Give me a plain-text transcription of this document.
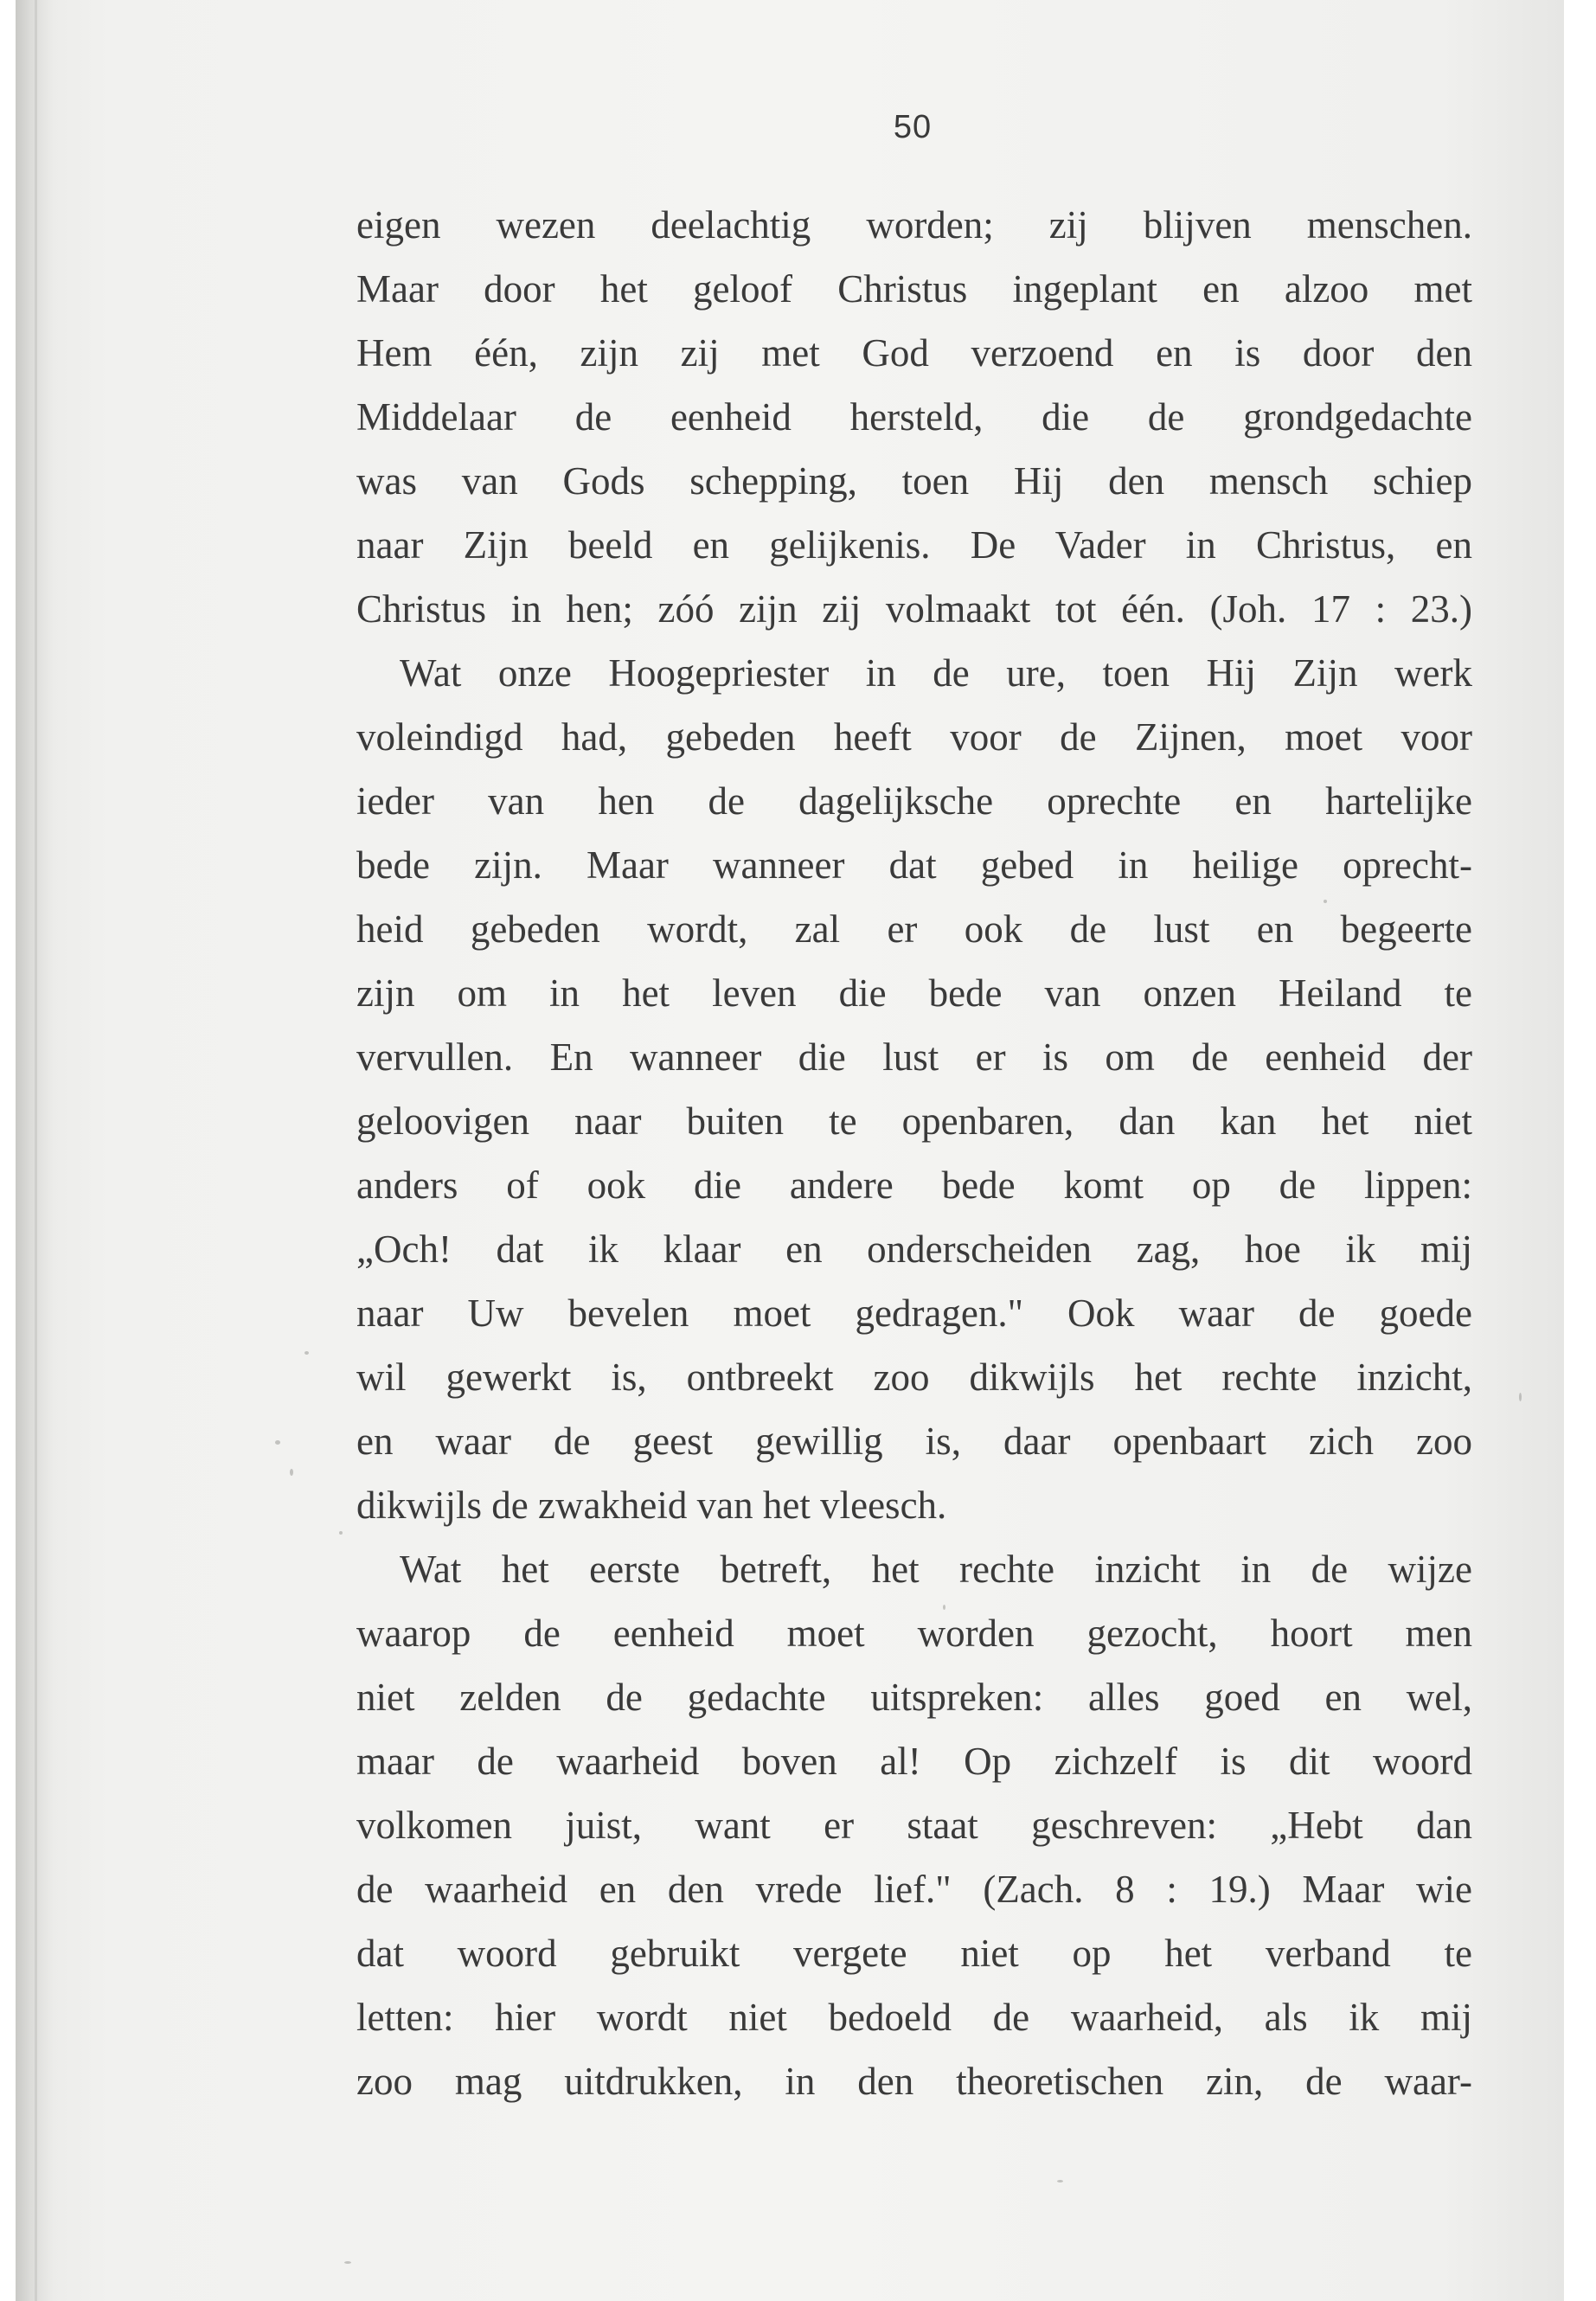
50
eigen wezen deelachtig worden; zij blijven menschen.
Maar door het geloof Christus ingeplant en alzoo met
Hem één, zijn zij met God verzoend en is door den
Middelaar de eenheid hersteld, die de grondgedachte
was van Gods schepping, toen Hij den mensch schiep
naar Zijn beeld en gelijkenis. De Vader in Christus, en
Christus in hen; zóó zijn zij volmaakt tot één. (Joh. 17 : 23.)
Wat onze Hoogepriester in de ure, toen Hij Zijn werk
voleindigd had, gebeden heeft voor de Zijnen, moet voor
ieder van hen de dagelijksche oprechte en hartelijke
bede zijn. Maar wanneer dat gebed in heilige oprecht-
heid gebeden wordt, zal er ook de lust en begeerte
zijn om in het leven die bede van onzen Heiland te
vervullen. En wanneer die lust er is om de eenheid der
geloovigen naar buiten te openbaren, dan kan het niet
anders of ook die andere bede komt op de lippen:
„Och! dat ik klaar en onderscheiden zag, hoe ik mij
naar Uw bevelen moet gedragen." Ook waar de goede
wil gewerkt is, ontbreekt zoo dikwijls het rechte inzicht,
en waar de geest gewillig is, daar openbaart zich zoo
dikwijls de zwakheid van het vleesch.
Wat het eerste betreft, het rechte inzicht in de wijze
waarop de eenheid moet worden gezocht, hoort men
niet zelden de gedachte uitspreken: alles goed en wel,
maar de waarheid boven al! Op zichzelf is dit woord
volkomen juist, want er staat geschreven: „Hebt dan
de waarheid en den vrede lief." (Zach. 8 : 19.) Maar wie
dat woord gebruikt vergete niet op het verband te
letten: hier wordt niet bedoeld de waarheid, als ik mij
zoo mag uitdrukken, in den theoretischen zin, de waar-
